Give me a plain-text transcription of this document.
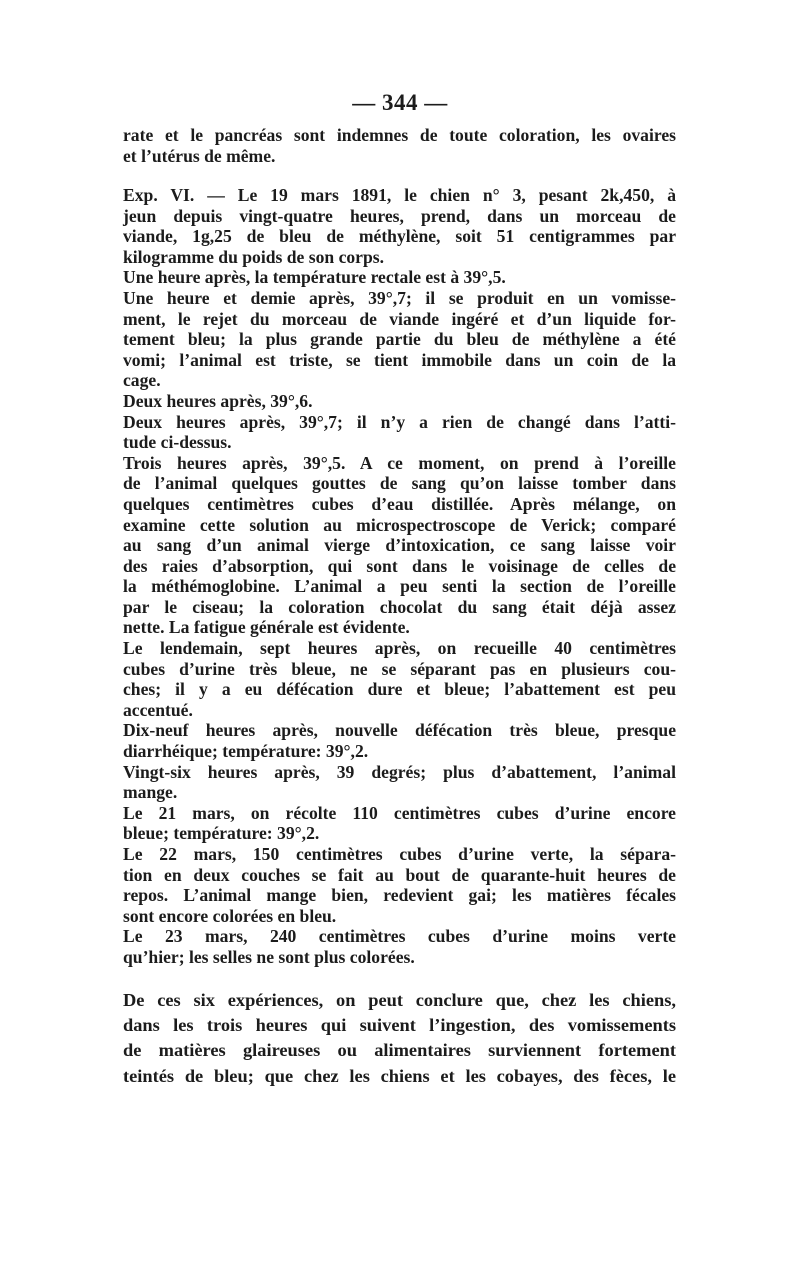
— 344 —
rate et le pancréas sont indemnes de toute coloration, les ovaires
et l’utérus de même.
Exp. VI. — Le 19 mars 1891, le chien n° 3, pesant 2k,450, à
jeun depuis vingt-quatre heures, prend, dans un morceau de
viande, 1g,25 de bleu de méthylène, soit 51 centigrammes par
kilogramme du poids de son corps.
Une heure après, la température rectale est à 39°,5.
Une heure et demie après, 39°,7; il se produit en un vomisse-
ment, le rejet du morceau de viande ingéré et d’un liquide for-
tement bleu; la plus grande partie du bleu de méthylène a été
vomi; l’animal est triste, se tient immobile dans un coin de la
cage.
Deux heures après, 39°,6.
Deux heures après, 39°,7; il n’y a rien de changé dans l’atti-
tude ci-dessus.
Trois heures après, 39°,5. A ce moment, on prend à l’oreille
de l’animal quelques gouttes de sang qu’on laisse tomber dans
quelques centimètres cubes d’eau distillée. Après mélange, on
examine cette solution au microspectroscope de Verick; comparé
au sang d’un animal vierge d’intoxication, ce sang laisse voir
des raies d’absorption, qui sont dans le voisinage de celles de
la méthémoglobine. L’animal a peu senti la section de l’oreille
par le ciseau; la coloration chocolat du sang était déjà assez
nette. La fatigue générale est évidente.
Le lendemain, sept heures après, on recueille 40 centimètres
cubes d’urine très bleue, ne se séparant pas en plusieurs cou-
ches; il y a eu défécation dure et bleue; l’abattement est peu
accentué.
Dix-neuf heures après, nouvelle défécation très bleue, presque
diarrhéique; température: 39°,2.
Vingt-six heures après, 39 degrés; plus d’abattement, l’animal
mange.
Le 21 mars, on récolte 110 centimètres cubes d’urine encore
bleue; température: 39°,2.
Le 22 mars, 150 centimètres cubes d’urine verte, la sépara-
tion en deux couches se fait au bout de quarante-huit heures de
repos. L’animal mange bien, redevient gai; les matières fécales
sont encore colorées en bleu.
Le 23 mars, 240 centimètres cubes d’urine moins verte
qu’hier; les selles ne sont plus colorées.
De ces six expériences, on peut conclure que, chez les chiens,
dans les trois heures qui suivent l’ingestion, des vomissements
de matières glaireuses ou alimentaires surviennent fortement
teintés de bleu; que chez les chiens et les cobayes, des fèces, le
